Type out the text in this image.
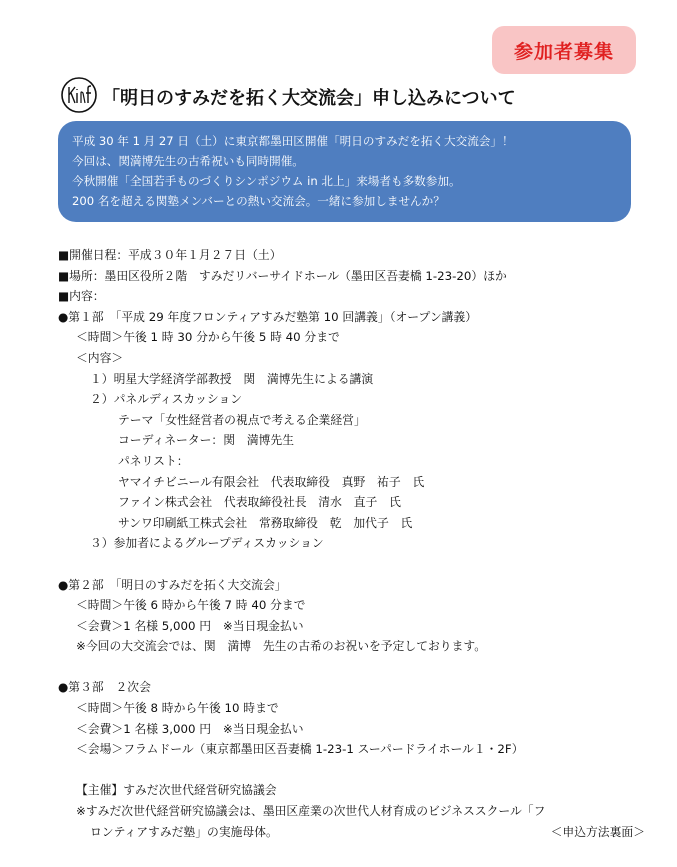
参加者募集
「明日のすみだを拓く大交流会」申し込みについて
平成 30 年 1 月 27 日（土）に東京都墨田区開催「明日のすみだを拓く大交流会」！
今回は、関満博先生の古希祝いも同時開催。
今秋開催「全国若手ものづくりシンポジウム in 北上」来場者も多数参加。
200 名を超える関塾メンバーとの熱い交流会。一緒に参加しませんか？
■開催日程：平成３０年１月２７日（土）
■場所：墨田区役所２階　すみだリバーサイドホール（墨田区吾妻橋 1-23-20）ほか
■内容：
●第１部　「平成 29 年度フロンティアすみだ塾第 10 回講義」（オープン講義）
＜時間＞午後 1 時 30 分から午後 5 時 40 分まで
＜内容＞
１）明星大学経済学部教授　関　満博先生による講演
２）パネルディスカッション
テーマ「女性経営者の視点で考える企業経営」
コーディネーター：関　満博先生
パネリスト：
ヤマイチビニール有限会社　代表取締役　真野　祐子　氏
ファイン株式会社　代表取締役社長　清水　直子　氏
サンワ印刷紙工株式会社　常務取締役　乾　加代子　氏
３）参加者によるグループディスカッション
●第２部　「明日のすみだを拓く大交流会」
＜時間＞午後 6 時から午後 7 時 40 分まで
＜会費＞1 名様 5,000 円　※当日現金払い
※今回の大交流会では、関　満博　先生の古希のお祝いを予定しております。
●第３部　２次会
＜時間＞午後 8 時から午後 10 時まで
＜会費＞1 名様 3,000 円　※当日現金払い
＜会場＞フラムドール（東京都墨田区吾妻橋 1-23-1 スーパードライホール１・2F）
【主催】すみだ次世代経営研究協議会
※すみだ次世代経営研究協議会は、墨田区産業の次世代人材育成のビジネススクール「フ
ロンティアすみだ塾」の実施母体。	＜申込方法裏面＞
